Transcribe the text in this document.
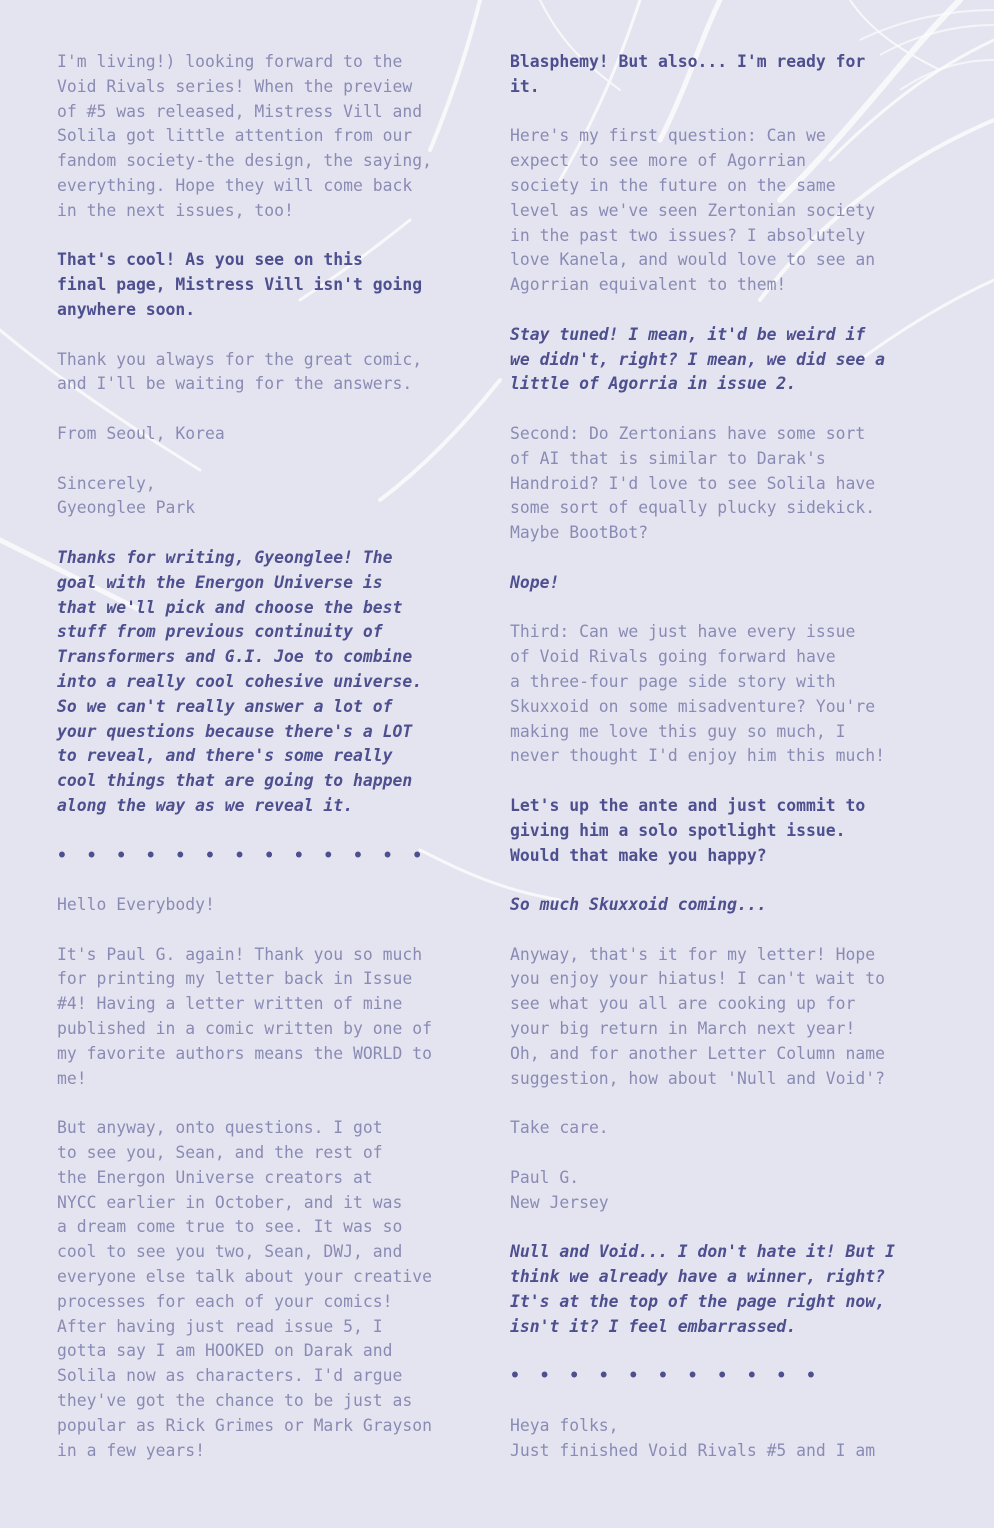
I'm living!) looking forward to the
Void Rivals series! When the preview
of #5 was released, Mistress Vill and
Solila got little attention from our
fandom society-the design, the saying,
everything. Hope they will come back
in the next issues, too!
That's cool! As you see on this
final page, Mistress Vill isn't going
anywhere soon.
Thank you always for the great comic,
and I'll be waiting for the answers.
From Seoul, Korea
Sincerely,
Gyeonglee Park
Thanks for writing, Gyeonglee! The
goal with the Energon Universe is
that we'll pick and choose the best
stuff from previous continuity of
Transformers and G.I. Joe to combine
into a really cool cohesive universe.
So we can't really answer a lot of
your questions because there's a LOT
to reveal, and there's some really
cool things that are going to happen
along the way as we reveal it.
•  •  •  •  •  •  •  •  •  •  •  •  •
Hello Everybody!
It's Paul G. again! Thank you so much
for printing my letter back in Issue
#4! Having a letter written of mine
published in a comic written by one of
my favorite authors means the WORLD to
me!
But anyway, onto questions. I got
to see you, Sean, and the rest of
the Energon Universe creators at
NYCC earlier in October, and it was
a dream come true to see. It was so
cool to see you two, Sean, DWJ, and
everyone else talk about your creative
processes for each of your comics!
After having just read issue 5, I
gotta say I am HOOKED on Darak and
Solila now as characters. I'd argue
they've got the chance to be just as
popular as Rick Grimes or Mark Grayson
in a few years!
Blasphemy! But also... I'm ready for
it.
Here's my first question: Can we
expect to see more of Agorrian
society in the future on the same
level as we've seen Zertonian society
in the past two issues? I absolutely
love Kanela, and would love to see an
Agorrian equivalent to them!
Stay tuned! I mean, it'd be weird if
we didn't, right? I mean, we did see a
little of Agorria in issue 2.
Second: Do Zertonians have some sort
of AI that is similar to Darak's
Handroid? I'd love to see Solila have
some sort of equally plucky sidekick.
Maybe BootBot?
Nope!
Third: Can we just have every issue
of Void Rivals going forward have
a three-four page side story with
Skuxxoid on some misadventure? You're
making me love this guy so much, I
never thought I'd enjoy him this much!
Let's up the ante and just commit to
giving him a solo spotlight issue.
Would that make you happy?
So much Skuxxoid coming...
Anyway, that's it for my letter! Hope
you enjoy your hiatus! I can't wait to
see what you all are cooking up for
your big return in March next year!
Oh, and for another Letter Column name
suggestion, how about 'Null and Void'?
Take care.
Paul G.
New Jersey
Null and Void... I don't hate it! But I
think we already have a winner, right?
It's at the top of the page right now,
isn't it? I feel embarrassed.
•  •  •  •  •  •  •  •  •  •  •
Heya folks,
Just finished Void Rivals #5 and I am
